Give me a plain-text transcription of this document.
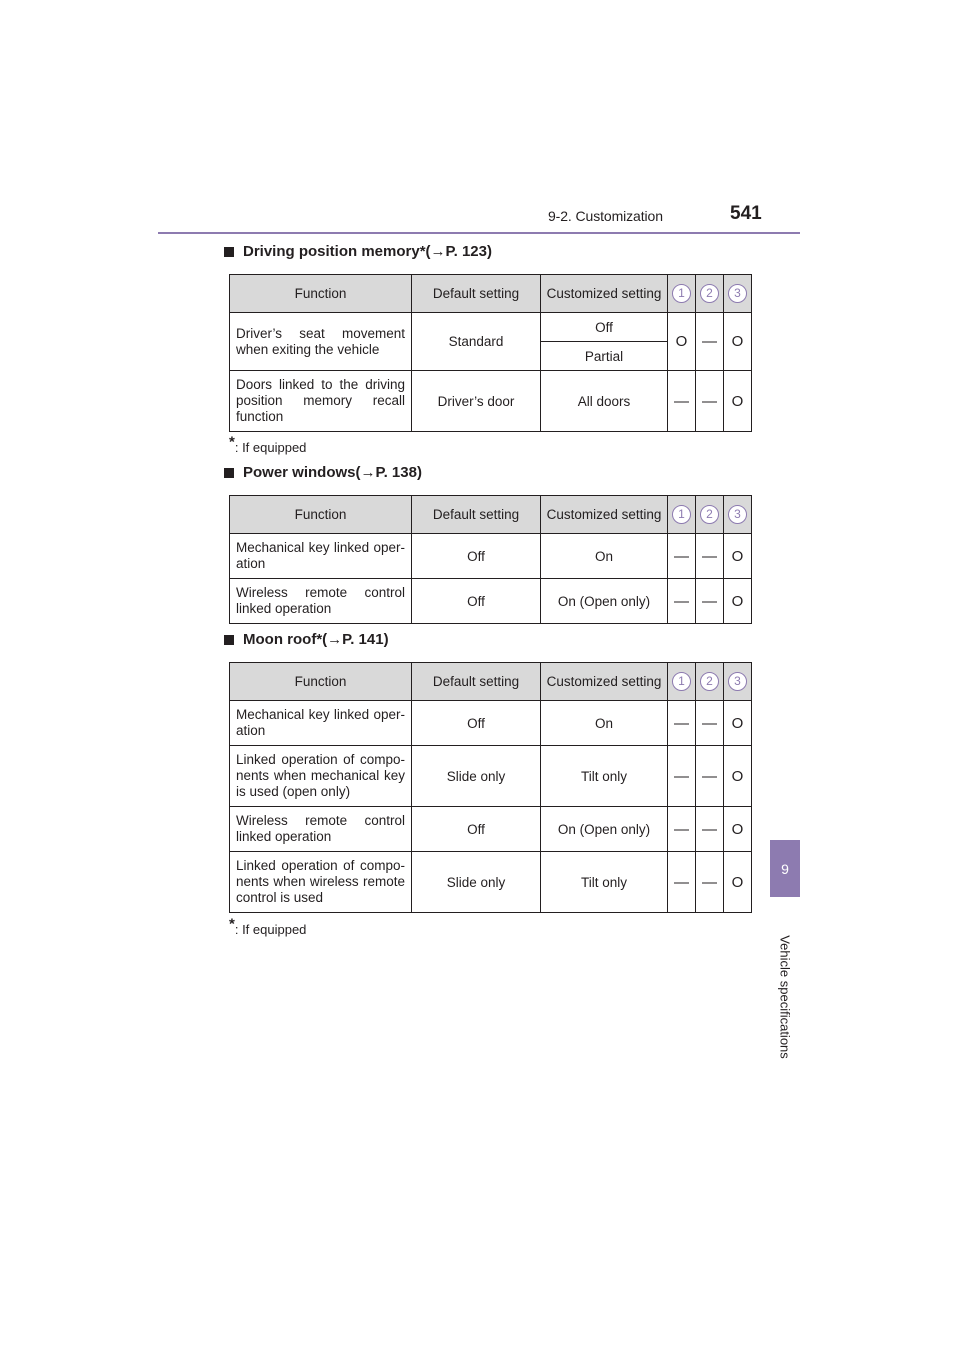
9-2. Customization	541
9
Vehicle specifications
Driving position memory * (→P. 123)
Function	Default setting	Customized setting	1	2	3
Driver’s seat movement when exiting the vehicle	Standard	Off	O	—	O
		Partial			
Doors linked to the driving position memory recall function	Driver’s door	All doors	—	—	O
*: If equipped
Power windows (→P. 138)
Function	Default setting	Customized setting	1	2	3
Mechanical key linked oper-ation	Off	On	—	—	O
Wireless remote control linked operation	Off	On (Open only)	—	—	O
Moon roof * (→P. 141)
Function	Default setting	Customized setting	1	2	3
Mechanical key linked oper-ation	Off	On	—	—	O
Linked operation of compo-nents when mechanical key is used (open only)	Slide only	Tilt only	—	—	O
Wireless remote control linked operation	Off	On (Open only)	—	—	O
Linked operation of compo-nents when wireless remote control is used	Slide only	Tilt only	—	—	O
*: If equipped
